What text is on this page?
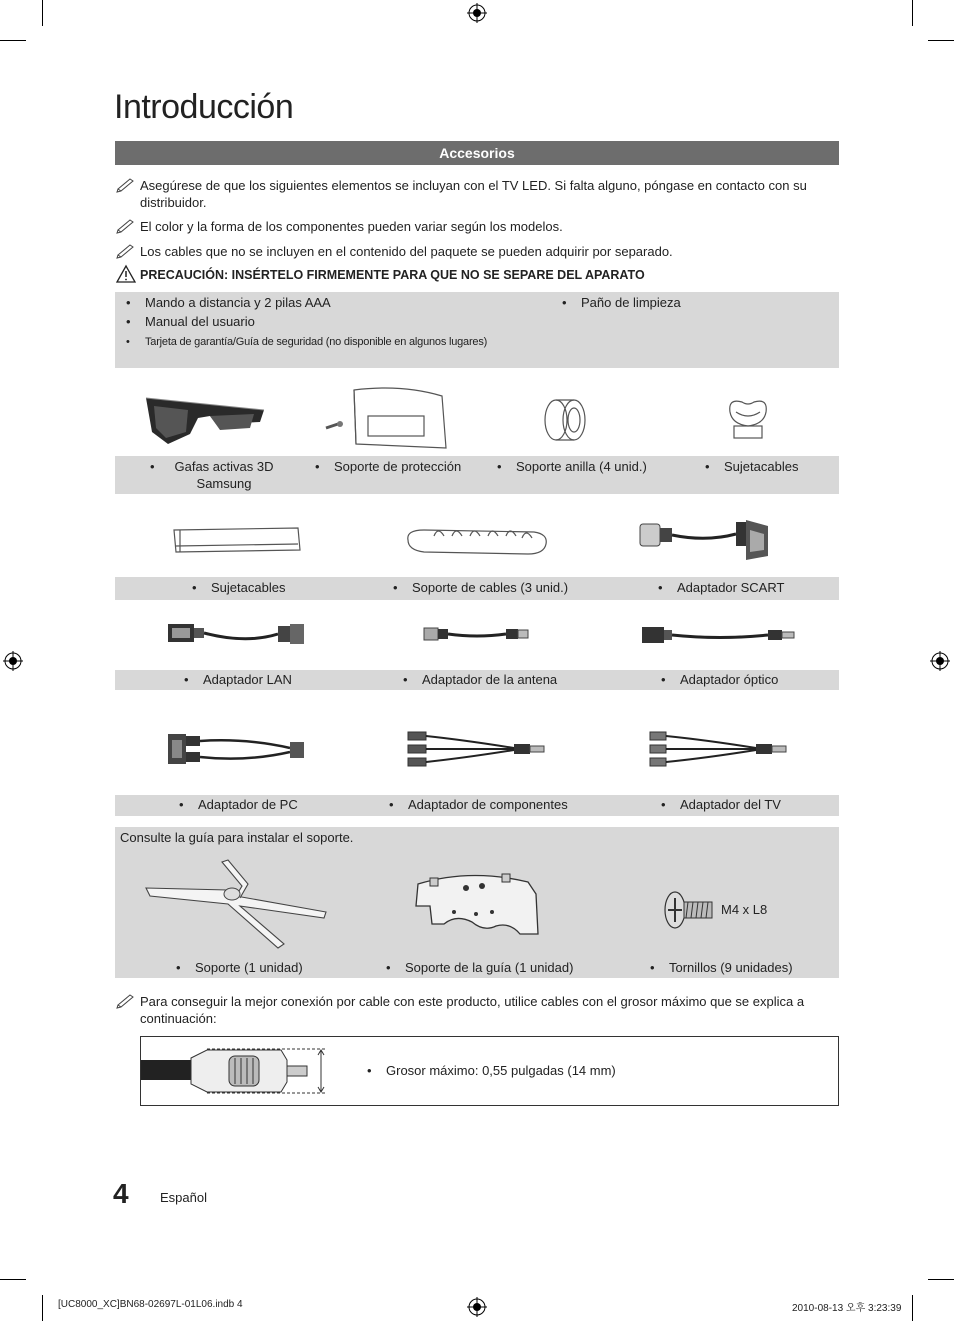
Introducción
Accesorios
Asegúrese de que los siguientes elementos se incluyan con el TV LED. Si falta alguno, póngase en contacto con su distribuidor.
El color y la forma de los componentes pueden variar según los modelos.
Los cables que no se incluyen en el contenido del paquete se pueden adquirir por separado.
PRECAUCIÓN: INSÉRTELO FIRMEMENTE PARA QUE NO SE SEPARE DEL APARATO
• Mando a distancia y 2 pilas AAA
• Manual del usuario
• Tarjeta de garantía/Guía de seguridad (no disponible en algunos lugares)
• Paño de limpieza
• Gafas activas 3D
Samsung
• Soporte de protección	• Soporte anilla (4 unid.)	• Sujetacables
• Sujetacables	• Soporte de cables (3 unid.)	• Adaptador SCART
• Adaptador LAN	• Adaptador de la antena	• Adaptador óptico
• Adaptador de PC	• Adaptador de componentes	• Adaptador del TV
Consulte la guía para instalar el soporte.
M4 x L8
• Soporte (1 unidad)	• Soporte de la guía (1 unidad)	• Tornillos (9 unidades)
Para conseguir la mejor conexión por cable con este producto, utilice cables con el grosor máximo que se explica a continuación:
• Grosor máximo: 0,55 pulgadas (14 mm)
4 Español
[UC8000_XC]BN68-02697L-01L06.indb 4	2010-08-13 오후 3:23:39
